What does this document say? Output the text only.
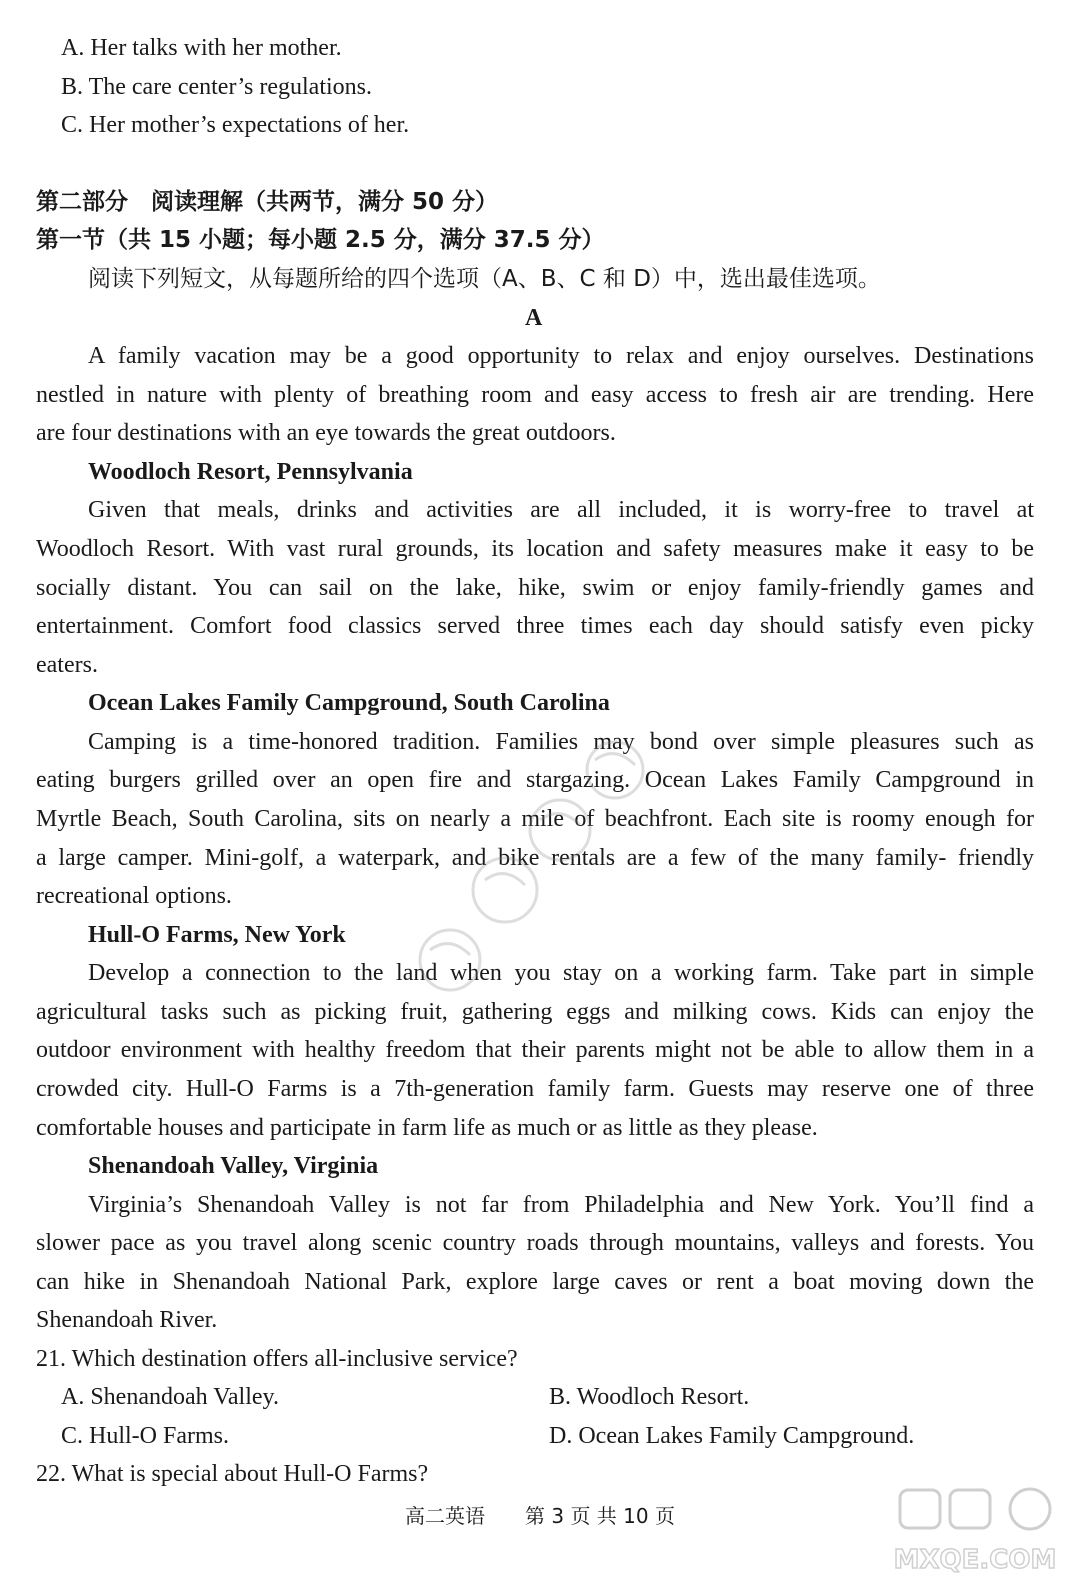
A. Her talks with her mother.
B. The care center’s regulations.
C. Her mother’s expectations of her.
第二部分　阅读理解（共两节，满分 50 分）
第一节（共 15 小题；每小题 2.5 分，满分 37.5 分）
阅读下列短文，从每题所给的四个选项（A、B、C 和 D）中，选出最佳选项。
A
A family vacation may be a good opportunity to relax and enjoy ourselves. Destinations
nestled in nature with plenty of breathing room and easy access to fresh air are trending. Here
are four destinations with an eye towards the great outdoors.
Woodloch Resort, Pennsylvania
Given that meals, drinks and activities are all included, it is worry-free to travel at
Woodloch Resort. With vast rural grounds, its location and safety measures make it easy to be
socially distant. You can sail on the lake, hike, swim or enjoy family-friendly games and
entertainment. Comfort food classics served three times each day should satisfy even picky
eaters.
Ocean Lakes Family Campground, South Carolina
Camping is a time-honored tradition. Families may bond over simple pleasures such as
eating burgers grilled over an open fire and stargazing. Ocean Lakes Family Campground in
Myrtle Beach, South Carolina, sits on nearly a mile of beachfront. Each site is roomy enough for
a large camper. Mini-golf, a waterpark, and bike rentals are a few of the many family- friendly
recreational options.
Hull-O Farms, New York
Develop a connection to the land when you stay on a working farm. Take part in simple
agricultural tasks such as picking fruit, gathering eggs and milking cows. Kids can enjoy the
outdoor environment with healthy freedom that their parents might not be able to allow them in a
crowded city. Hull-O Farms is a 7th-generation family farm. Guests may reserve one of three
comfortable houses and participate in farm life as much or as little as they please.
Shenandoah Valley, Virginia
Virginia’s Shenandoah Valley is not far from Philadelphia and New York. You’ll find a
slower pace as you travel along scenic country roads through mountains, valleys and forests. You
can hike in Shenandoah National Park, explore large caves or rent a boat moving down the
Shenandoah River.
21. Which destination offers all-inclusive service?
A. Shenandoah Valley.	B. Woodloch Resort.
C. Hull-O Farms.	D. Ocean Lakes Family Campground.
22. What is special about Hull-O Farms?
高二英语　　第 3 页 共 10 页
MXQE.COM
